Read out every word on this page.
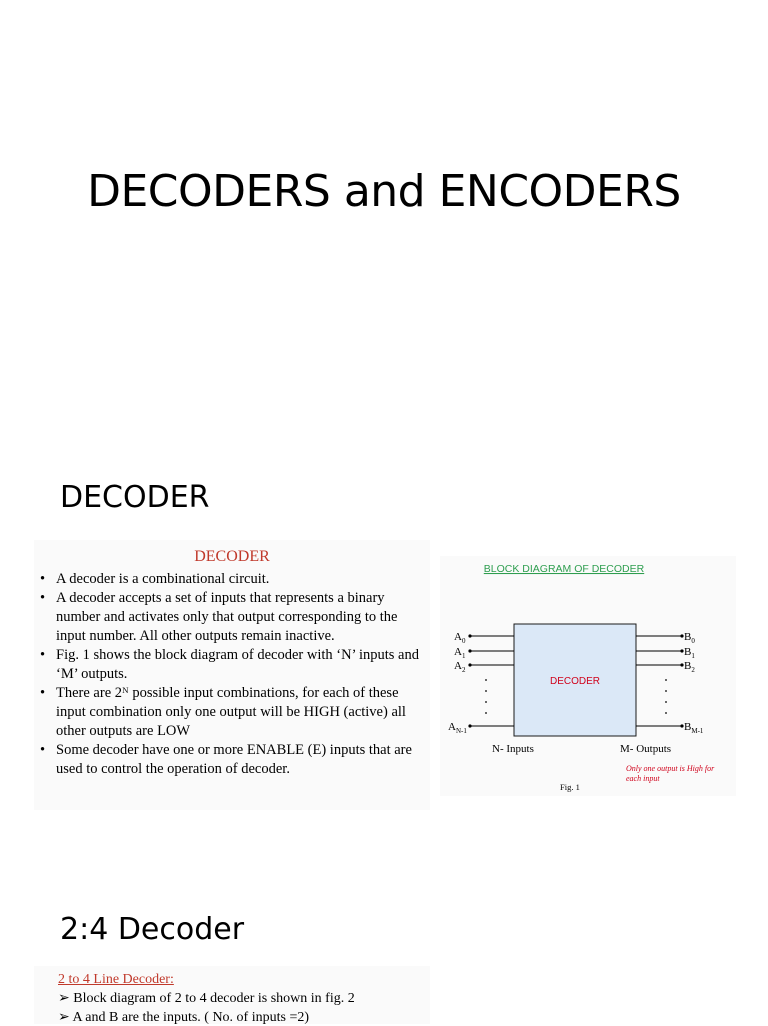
DECODERS and ENCODERS
DECODER
DECODER
• A decoder is a combinational circuit.
• A decoder accepts a set of inputs that represents a binary number and activates only that output corresponding to the input number. All other outputs remain inactive.
• Fig. 1 shows the block diagram of decoder with ‘N’ inputs and ‘M’ outputs.
• There are 2ᴺ possible input combinations, for each of these input combination only one output will be HIGH (active) all other outputs are LOW
• Some decoder have one or more ENABLE (E) inputs that are used to control the operation of decoder.
BLOCK DIAGRAM OF DECODER
DECODER
$A_0$
$A_1$
$A_2$
$A_{N-1}$
$B_0$
$B_1$
$B_2$
$B_{M-1}$
N- Inputs	M- Outputs
Only one output is High for
each input
Fig. 1
2:4 Decoder
2 to 4 Line Decoder:
➢ Block diagram of 2 to 4 decoder is shown in fig. 2
➢ A and B are the inputs. ( No. of inputs =2)
